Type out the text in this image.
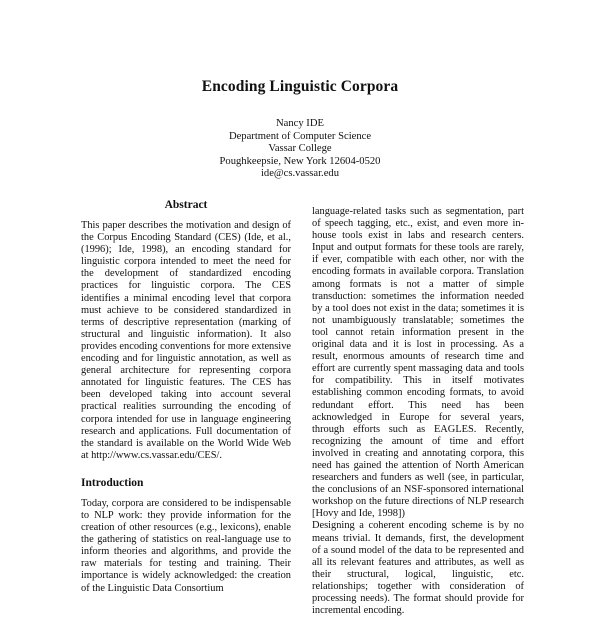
Encoding Linguistic Corpora
Nancy IDE
Department of Computer Science
Vassar College
Poughkeepsie, New York 12604-0520
ide@cs.vassar.edu
Abstract

This paper describes the motivation and design of the Corpus Encoding Standard (CES) (Ide, et al., (1996); Ide, 1998), an encoding standard for linguistic corpora intended to meet the need for the development of standardized encoding practices for linguistic corpora. The CES identifies a minimal encoding level that corpora must achieve to be considered standardized in terms of descriptive representation (marking of structural and linguistic information). It also provides encoding conventions for more extensive encoding and for linguistic annotation, as well as general architecture for representing corpora annotated for linguistic features. The CES has been developed taking into account several practical realities surrounding the encoding of corpora intended for use in language engineering research and applications. Full documentation of the standard is available on the World Wide Web at http://www.cs.vassar.edu/CES/.

Introduction

Today, corpora are considered to be indispensable to NLP work: they provide information for the creation of other resources (e.g., lexicons), enable the gathering of statistics on real-language use to inform theories and algorithms, and provide the raw materials for testing and training. Their importance is widely acknowledged: the creation of the Linguistic Data Consortium

language-related tasks such as segmentation, part of speech tagging, etc., exist, and even more in-house tools exist in labs and research centers. Input and output formats for these tools are rarely, if ever, compatible with each other, nor with the encoding formats in available corpora. Translation among formats is not a matter of simple transduction: sometimes the information needed by a tool does not exist in the data; sometimes it is not unambiguously translatable; sometimes the tool cannot retain information present in the original data and it is lost in processing. As a result, enormous amounts of research time and effort are currently spent massaging data and tools for compatibility. This in itself motivates establishing common encoding formats, to avoid redundant effort. This need has been acknowledged in Europe for several years, through efforts such as EAGLES. Recently, recognizing the amount of time and effort involved in creating and annotating corpora, this need has gained the attention of North American researchers and funders as well (see, in particular, the conclusions of an NSF-sponsored international workshop on the future directions of NLP research [Hovy and Ide, 1998])

Designing a coherent encoding scheme is by no means trivial. It demands, first, the development of a sound model of the data to be represented and all its relevant features and attributes, as well as their structural, logical, linguistic, etc. relationships; together with consideration of processing needs). The format should provide for incremental encoding.
